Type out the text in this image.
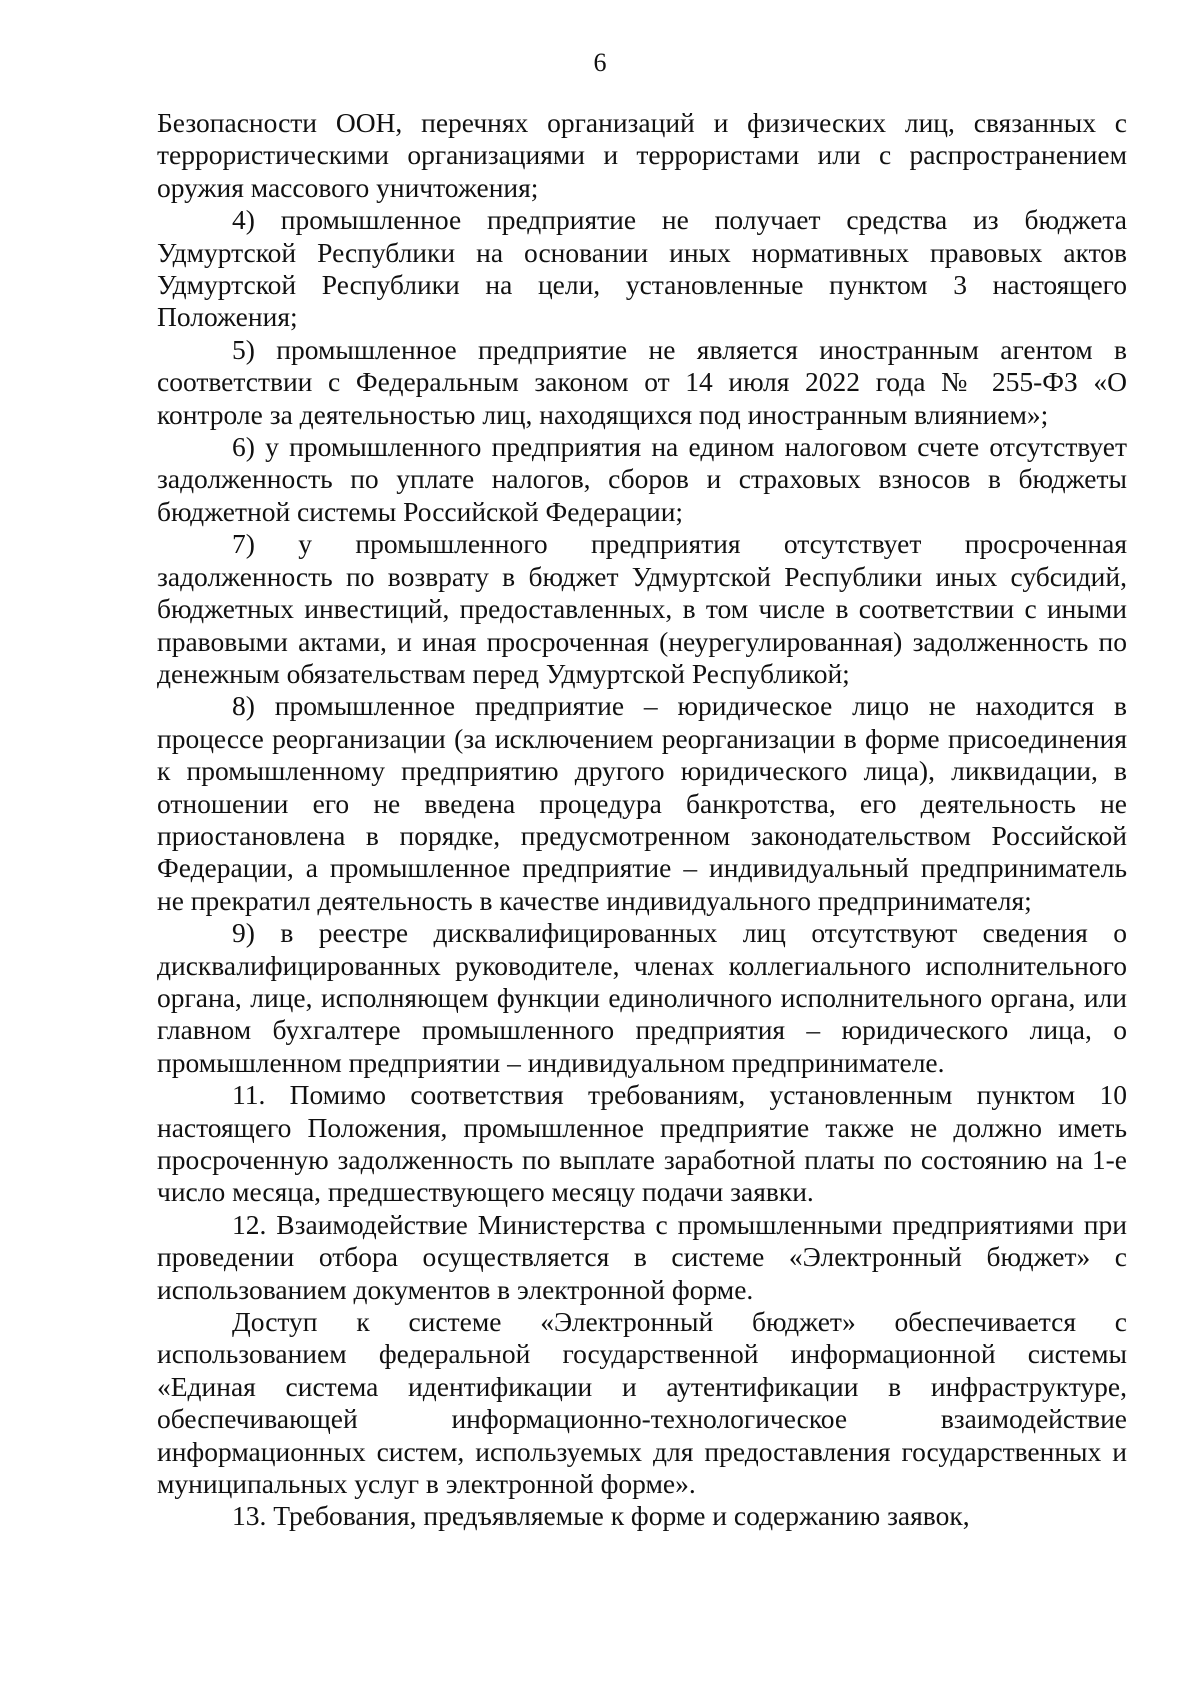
6

Безопасности ООН, перечнях организаций и физических лиц, связанных с террористическими организациями и террористами или с распространением оружия массового уничтожения;

4) промышленное предприятие не получает средства из бюджета Удмуртской Республики на основании иных нормативных правовых актов Удмуртской Республики на цели, установленные пунктом 3 настоящего Положения;

5) промышленное предприятие не является иностранным агентом в соответствии с Федеральным законом от 14 июля 2022 года № 255-ФЗ «О контроле за деятельностью лиц, находящихся под иностранным влиянием»;

6) у промышленного предприятия на едином налоговом счете отсутствует задолженность по уплате налогов, сборов и страховых взносов в бюджеты бюджетной системы Российской Федерации;

7) у промышленного предприятия отсутствует просроченная задолженность по возврату в бюджет Удмуртской Республики иных субсидий, бюджетных инвестиций, предоставленных, в том числе в соответствии с иными правовыми актами, и иная просроченная (неурегулированная) задолженность по денежным обязательствам перед Удмуртской Республикой;

8) промышленное предприятие – юридическое лицо не находится в процессе реорганизации (за исключением реорганизации в форме присоединения к промышленному предприятию другого юридического лица), ликвидации, в отношении его не введена процедура банкротства, его деятельность не приостановлена в порядке, предусмотренном законодательством Российской Федерации, а промышленное предприятие – индивидуальный предприниматель не прекратил деятельность в качестве индивидуального предпринимателя;

9) в реестре дисквалифицированных лиц отсутствуют сведения о дисквалифицированных руководителе, членах коллегиального исполнительного органа, лице, исполняющем функции единоличного исполнительного органа, или главном бухгалтере промышленного предприятия – юридического лица, о промышленном предприятии – индивидуальном предпринимателе.

11. Помимо соответствия требованиям, установленным пунктом 10 настоящего Положения, промышленное предприятие также не должно иметь просроченную задолженность по выплате заработной платы по состоянию на 1-е число месяца, предшествующего месяцу подачи заявки.

12. Взаимодействие Министерства с промышленными предприятиями при проведении отбора осуществляется в системе «Электронный бюджет» с использованием документов в электронной форме.

Доступ к системе «Электронный бюджет» обеспечивается с использованием федеральной государственной информационной системы «Единая система идентификации и аутентификации в инфраструктуре, обеспечивающей информационно-технологическое взаимодействие информационных систем, используемых для предоставления государственных и муниципальных услуг в электронной форме».

13. Требования, предъявляемые к форме и содержанию заявок,
